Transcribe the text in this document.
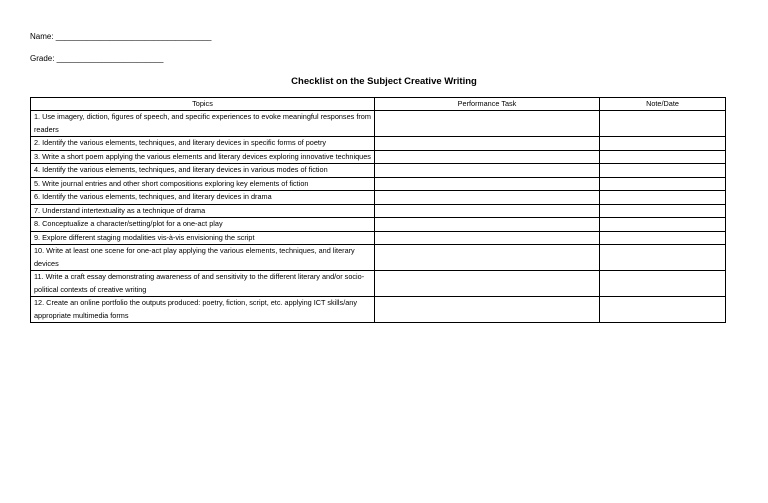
Name: ___________________________________
Grade: ________________________
Checklist on the Subject Creative Writing
Topics	Performance Task	Note/Date
1. Use imagery, diction, figures of speech, and specific experiences to evoke meaningful responses from readers		
2. Identify the various elements, techniques, and literary devices in specific forms of poetry		
3. Write a short poem applying the various elements and literary devices exploring innovative techniques		
4. Identify the various elements, techniques, and literary devices in various modes of fiction		
5. Write journal entries and other short compositions exploring key elements of fiction		
6. Identify the various elements, techniques, and literary devices in drama		
7. Understand intertextuality as a technique of drama		
8. Conceptualize a character/setting/plot for a one-act play		
9. Explore different staging modalities vis-à-vis envisioning the script		
10. Write at least one scene for one-act play applying the various elements, techniques, and literary devices		
11. Write a craft essay demonstrating awareness of and sensitivity to the different literary and/or socio-political contexts of creative writing		
12. Create an online portfolio the outputs produced: poetry, fiction, script, etc. applying ICT skills/any appropriate multimedia forms		
